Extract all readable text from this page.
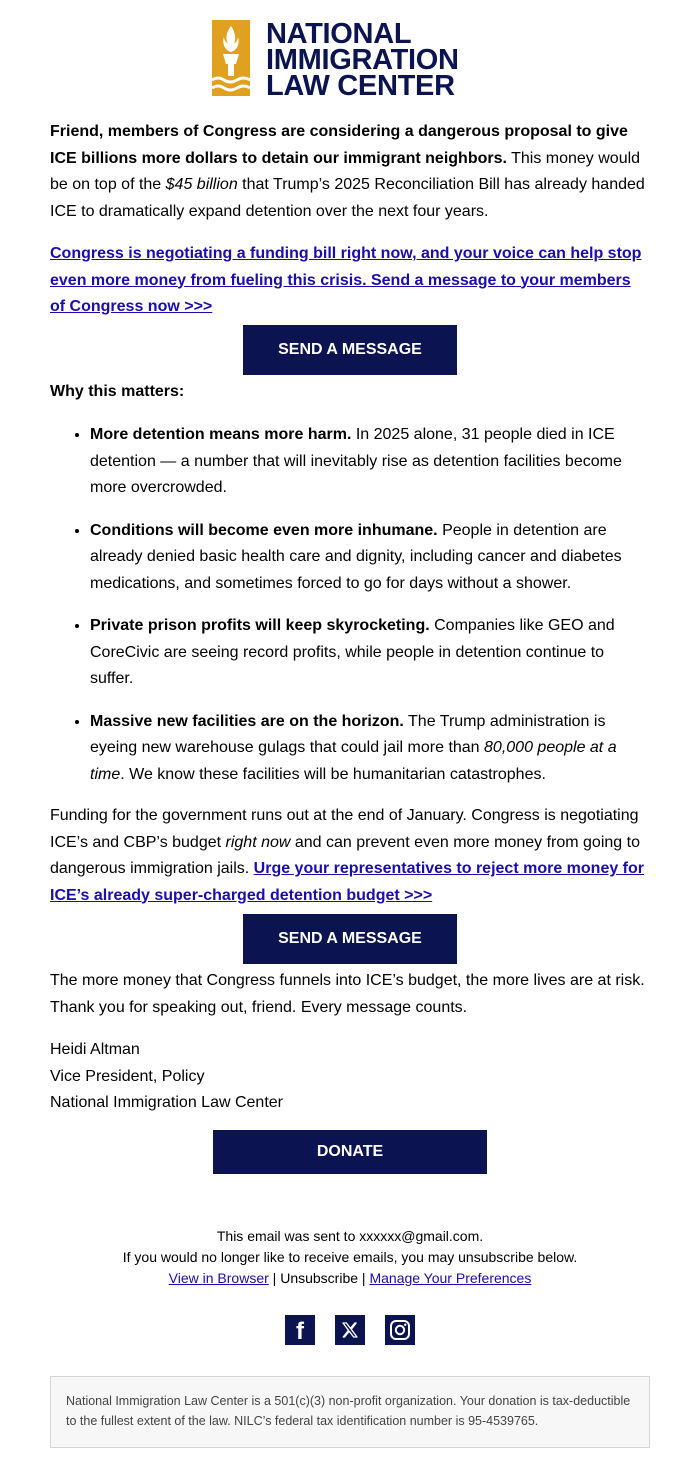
NATIONAL
IMMIGRATION
LAW CENTER

Friend, members of Congress are considering a dangerous proposal to give ICE billions more dollars to detain our immigrant neighbors. This money would be on top of the $45 billion that Trump’s 2025 Reconciliation Bill has already handed ICE to dramatically expand detention over the next four years.

Congress is negotiating a funding bill right now, and your voice can help stop even more money from fueling this crisis. Send a message to your members of Congress now >>>

SEND A MESSAGE

Why this matters:

• More detention means more harm. In 2025 alone, 31 people died in ICE detention — a number that will inevitably rise as detention facilities become more overcrowded.
• Conditions will become even more inhumane. People in detention are already denied basic health care and dignity, including cancer and diabetes medications, and sometimes forced to go for days without a shower.
• Private prison profits will keep skyrocketing. Companies like GEO and CoreCivic are seeing record profits, while people in detention continue to suffer.
• Massive new facilities are on the horizon. The Trump administration is eyeing new warehouse gulags that could jail more than 80,000 people at a time. We know these facilities will be humanitarian catastrophes.

Funding for the government runs out at the end of January. Congress is negotiating ICE’s and CBP’s budget right now and can prevent even more money from going to dangerous immigration jails. Urge your representatives to reject more money for ICE’s already super-charged detention budget >>>

SEND A MESSAGE

The more money that Congress funnels into ICE’s budget, the more lives are at risk. Thank you for speaking out, friend. Every message counts.

Heidi Altman

Vice President, Policy

National Immigration Law Center

DONATE
This email was sent to xxxxxx@gmail.com.
If you would no longer like to receive emails, you may unsubscribe below.
View in Browser | Unsubscribe | Manage Your Preferences
f
National Immigration Law Center is a 501(c)(3) non-profit organization. Your donation is tax-deductible to the fullest extent of the law. NILC’s federal tax identification number is 95-4539765.
